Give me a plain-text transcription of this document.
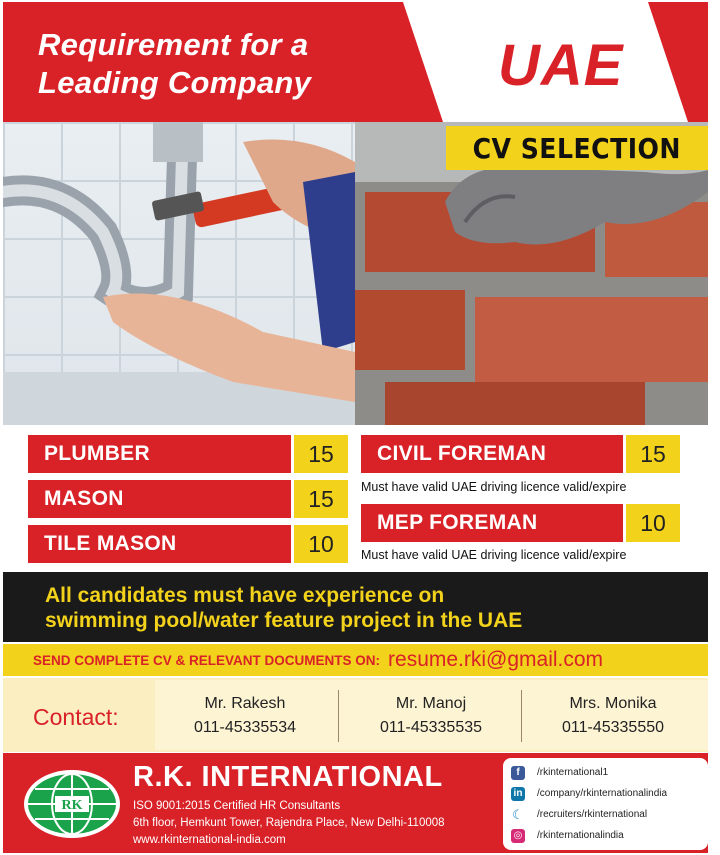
Requirement for a
Leading Company	UAE
CV SELECTION
PLUMBER	15
MASON	15
TILE MASON	10
CIVIL FOREMAN	15
Must have valid UAE driving licence valid/expire
MEP FOREMAN	10
Must have valid UAE driving licence valid/expire
All candidates must have experience on
swimming pool/water feature project in the UAE
SEND COMPLETE CV & RELEVANT DOCUMENTS ON: resume.rki@gmail.com
Contact:
Mr. Rakesh
011-45335534
Mr. Manoj
011-45335535
Mrs. Monika
011-45335550
RK
R.K. INTERNATIONAL
ISO 9001:2015 Certified HR Consultants
6th floor, Hemkunt Tower, Rajendra Place, New Delhi-110008
www.rkinternational-india.com
f	/rkinternational1
in /company/rkinternationalindia
☾ /recruiters/rkinternational
◎ /rkinternationalindia
